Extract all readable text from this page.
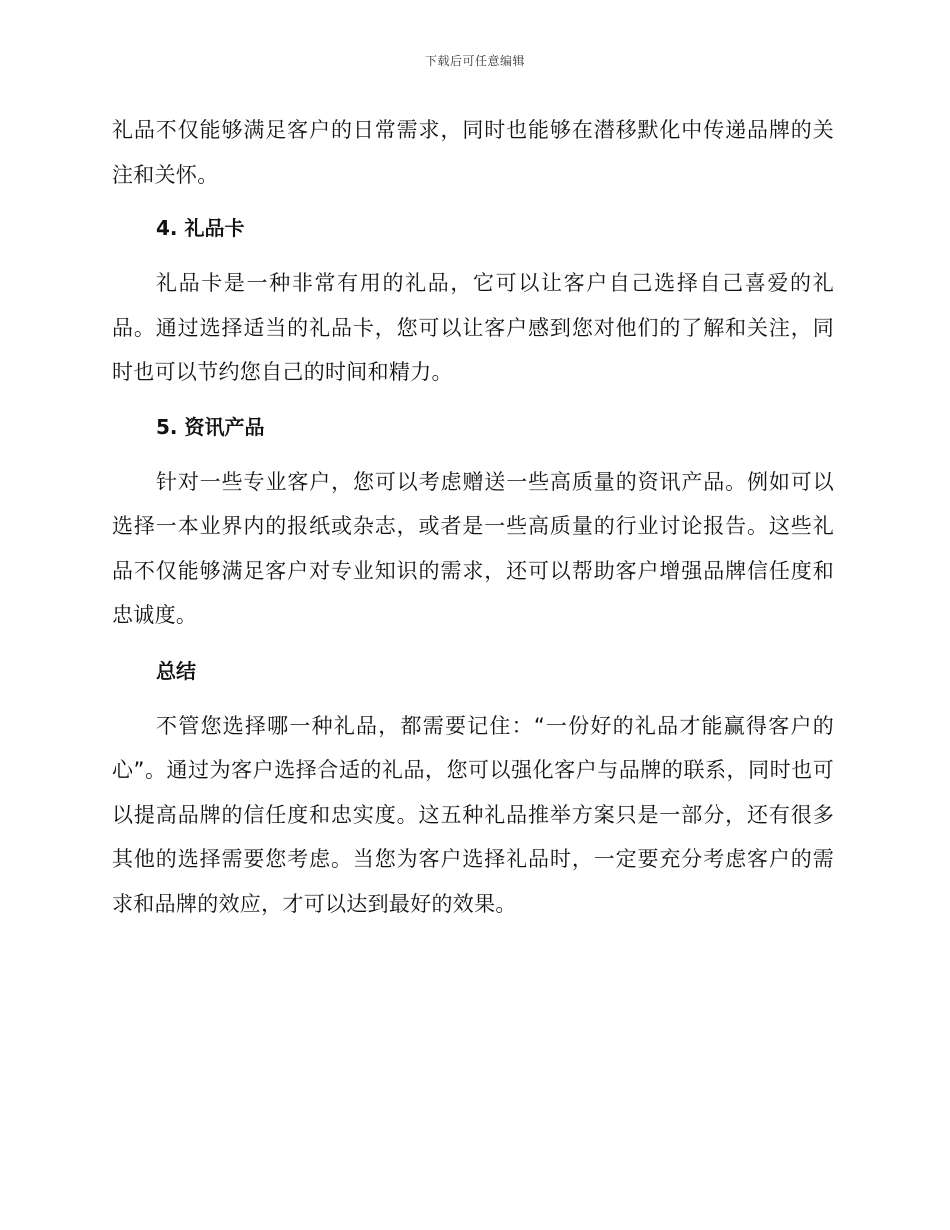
下载后可任意编辑

礼品不仅能够满足客户的日常需求，同时也能够在潜移默化中传递品牌的关注和关怀。

4. 礼品卡

礼品卡是一种非常有用的礼品，它可以让客户自己选择自己喜爱的礼品。通过选择适当的礼品卡，您可以让客户感到您对他们的了解和关注，同时也可以节约您自己的时间和精力。

5. 资讯产品

针对一些专业客户，您可以考虑赠送一些高质量的资讯产品。例如可以选择一本业界内的报纸或杂志，或者是一些高质量的行业讨论报告。这些礼品不仅能够满足客户对专业知识的需求，还可以帮助客户增强品牌信任度和忠诚度。

总结

不管您选择哪一种礼品，都需要记住：“一份好的礼品才能赢得客户的心”。通过为客户选择合适的礼品，您可以强化客户与品牌的联系，同时也可以提高品牌的信任度和忠实度。这五种礼品推举方案只是一部分，还有很多其他的选择需要您考虑。当您为客户选择礼品时，一定要充分考虑客户的需求和品牌的效应，才可以达到最好的效果。
